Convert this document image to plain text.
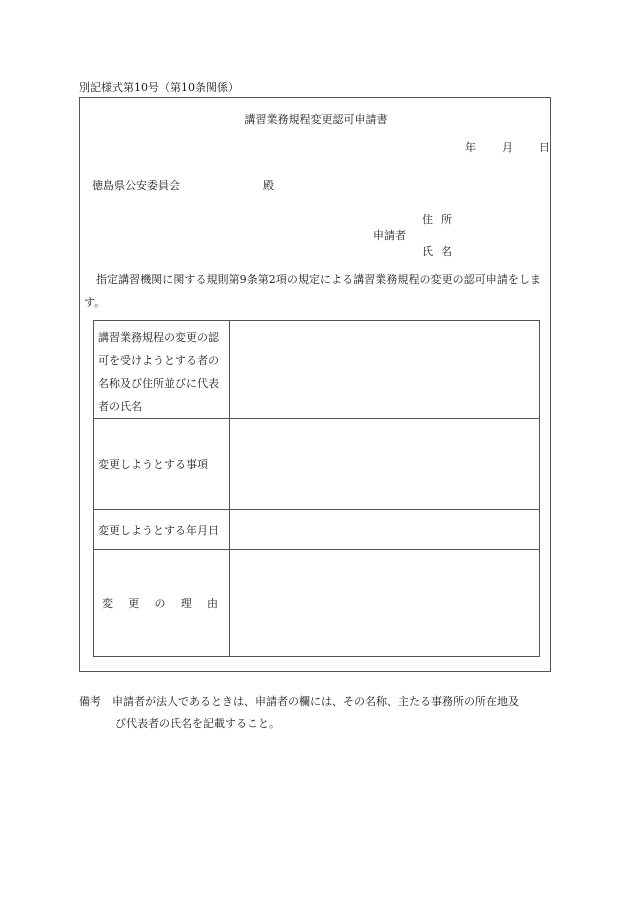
別記様式第10号（第10条関係）
講習業務規程変更認可申請書
年 月 日
徳島県公安委員会	殿
住所
申請者
氏名
指定講習機関に関する規則第9条第2項の規定による講習業務規程の変更の認可申請をします。
講習業務規程の変更の認可を受けようとする者の名称及び住所並びに代表者の氏名
変更しようとする事項
変更しようとする年月日
変 更 の 理 由
備考　申請者が法人であるときは、申請者の欄には、その名称、主たる事務所の所在地及
び代表者の氏名を記載すること。
